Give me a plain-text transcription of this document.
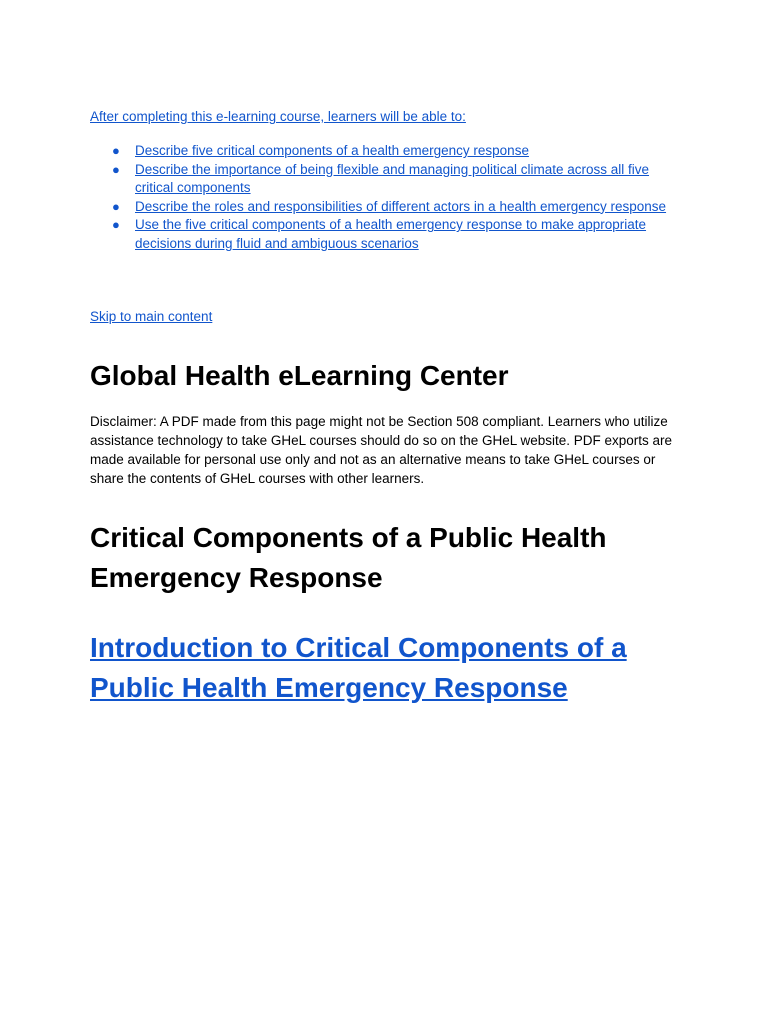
After completing this e-learning course, learners will be able to:

● Describe five critical components of a health emergency response
● Describe the importance of being flexible and managing political climate across all five critical components
● Describe the roles and responsibilities of different actors in a health emergency response
● Use the five critical components of a health emergency response to make appropriate decisions during fluid and ambiguous scenarios
Skip to main content
Global Health eLearning Center

Disclaimer: A PDF made from this page might not be Section 508 compliant. Learners who utilize assistance technology to take GHeL courses should do so on the GHeL website. PDF exports are made available for personal use only and not as an alternative means to take GHeL courses or share the contents of GHeL courses with other learners.

Critical Components of a Public Health Emergency Response
Introduction to Critical Components of a Public Health Emergency Response
